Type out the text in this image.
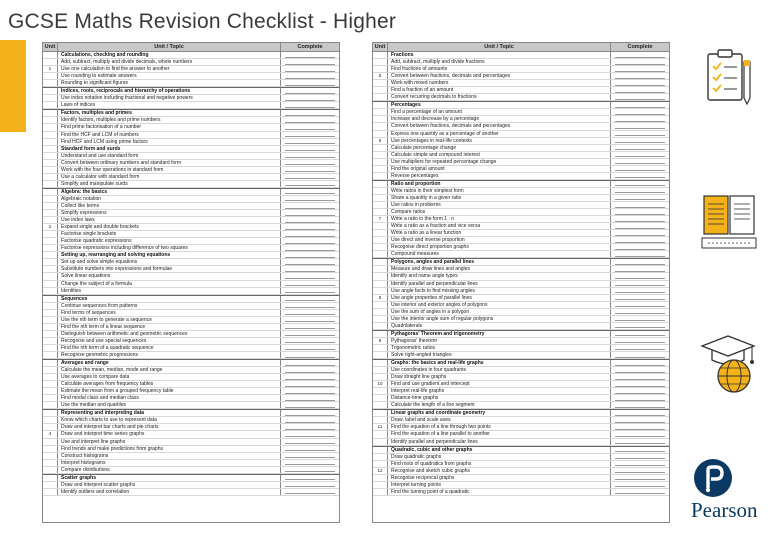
GCSE Maths Revision Checklist - Higher
Unit	Unit / Topic	Complete
Calculations, checking and rounding
Add, subtract, multiply and divide decimals, whole numbers
1	Use one calculation to find the answer to another
Use rounding to estimate answers
Rounding to significant figures
Indices, roots, reciprocals and hierarchy of operations
Use index notation including fractional and negative powers
Laws of indices
Factors, multiples and primes
Identify factors, multiples and prime numbers
Find prime factorisation of a number
Find the HCF and LCM of numbers
Find HCF and LCM using prime factors
Standard form and surds
Understand and use standard form
Convert between ordinary numbers and standard form
Work with the four operations in standard form
Use a calculator with standard form
Simplify and manipulate surds
Algebra: the basics
Algebraic notation
Collect like terms
Simplify expressions
Use index laws
2	Expand single and double brackets
Factorise single brackets
Factorise quadratic expressions
Factorise expressions including difference of two squares
Setting up, rearranging and solving equations
Set up and solve simple equations
Substitute numbers into expressions and formulae
Solve linear equations
Change the subject of a formula
Identities
Sequences
Continue sequences from patterns
Find terms of sequences
Use the nth term to generate a sequence
Find the nth term of a linear sequence
Distinguish between arithmetic and geometric sequences
Recognise and use special sequences
Find the nth term of a quadratic sequence
Recognise geometric progressions
Averages and range
Calculate the mean, median, mode and range
Use averages to compare data
Calculate averages from frequency tables
Estimate the mean from a grouped frequency table
Find modal class and median class
Use the median and quartiles
Representing and interpreting data
Know which charts to use to represent data
Draw and interpret bar charts and pie charts
4	Draw and interpret time series graphs
Use and interpret line graphs
Find trends and make predictions from graphs
Construct histograms
Interpret histograms
Compare distributions
Scatter graphs
Draw and interpret scatter graphs
Identify outliers and correlation
Unit	Unit / Topic	Complete
Fractions
Add, subtract, multiply and divide fractions
Find fractions of amounts
5	Convert between fractions, decimals and percentages
Work with mixed numbers
Find a fraction of an amount
Convert recurring decimals to fractions
Percentages
Find a percentage of an amount
Increase and decrease by a percentage
Convert between fractions, decimals and percentages
Express one quantity as a percentage of another
6	Use percentages in real-life contexts
Calculate percentage change
Calculate simple and compound interest
Use multipliers for repeated percentage change
Find the original amount
Reverse percentages
Ratio and proportion
Write ratios in their simplest form
Share a quantity in a given ratio
Use ratios in problems
Compare ratios
7	Write a ratio in the form 1 : n
Write a ratio as a fraction and vice versa
Write a ratio as a linear function
Use direct and inverse proportion
Recognise direct proportion graphs
Compound measures
Polygons, angles and parallel lines
Measure and draw lines and angles
Identify and name angle types
Identify parallel and perpendicular lines
Use angle facts to find missing angles
8	Use angle properties of parallel lines
Use interior and exterior angles of polygons
Use the sum of angles in a polygon
Use the interior angle sum of regular polygons
Quadrilaterals
Pythagoras' Theorem and trigonometry
9	Pythagoras' theorem
Trigonometric ratios
Solve right-angled triangles
Graphs: the basics and real-life graphs
Use coordinates in four quadrants
Draw straight line graphs
10	Find and use gradient and intercept
Interpret real-life graphs
Distance-time graphs
Calculate the length of a line segment
Linear graphs and coordinate geometry
Draw, label and scale axes
11	Find the equation of a line through two points
Find the equation of a line parallel to another
Identify parallel and perpendicular lines
Quadratic, cubic and other graphs
Draw quadratic graphs
Find roots of quadratics from graphs
12	Recognise and sketch cubic graphs
Recognise reciprocal graphs
Interpret turning points
Find the turning point of a quadratic
Pearson
